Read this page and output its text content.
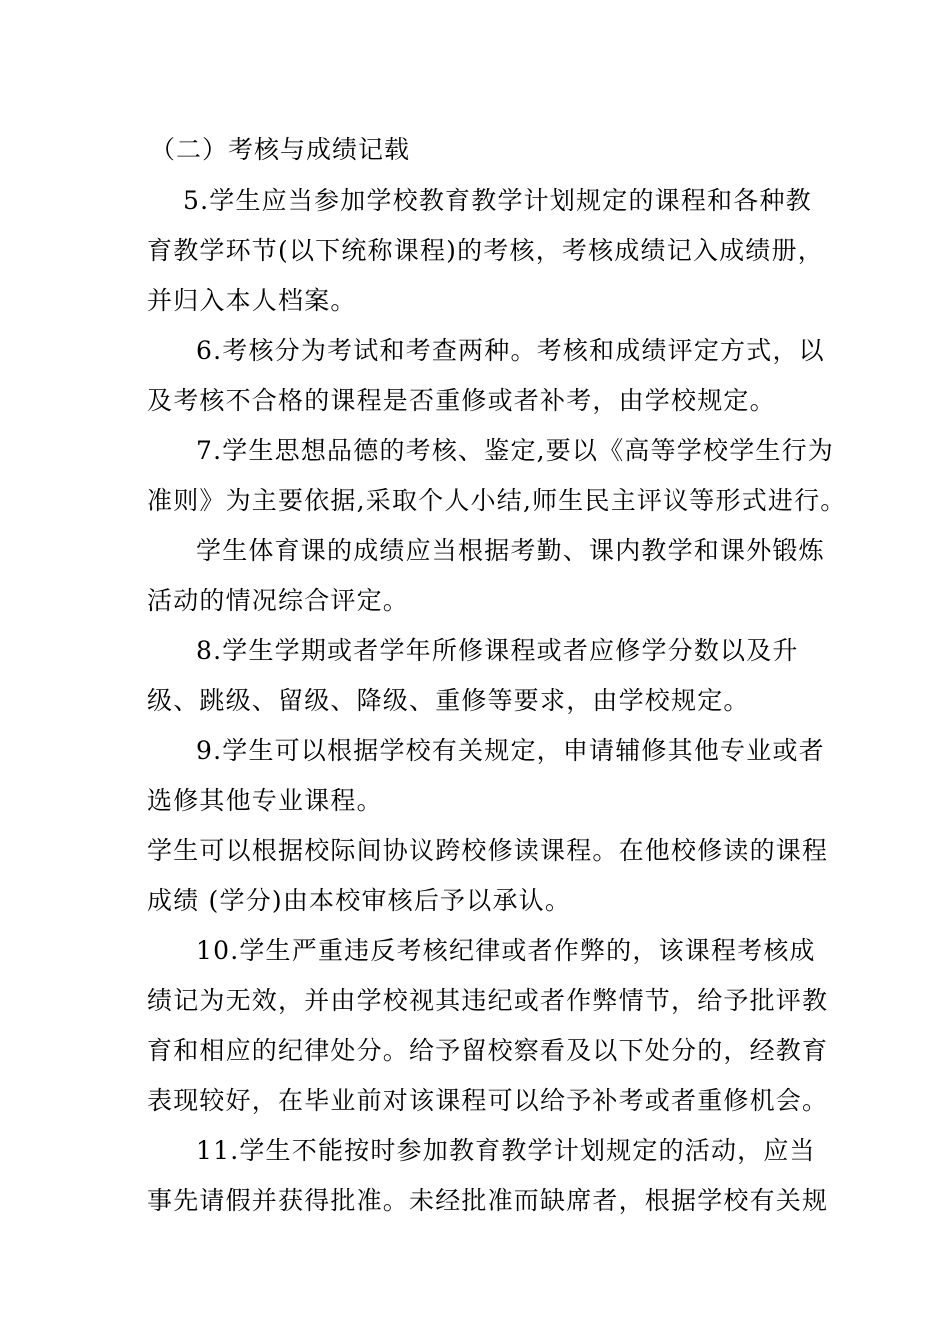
（二）考核与成绩记载
5.学生应当参加学校教育教学计划规定的课程和各种教
育教学环节(以下统称课程)的考核，考核成绩记入成绩册，
并归入本人档案。
6.考核分为考试和考查两种。考核和成绩评定方式，以
及考核不合格的课程是否重修或者补考，由学校规定。
7.学生思想品德的考核、鉴定,要以《高等学校学生行为
准则》为主要依据,采取个人小结,师生民主评议等形式进行。
学生体育课的成绩应当根据考勤、课内教学和课外锻炼
活动的情况综合评定。
8.学生学期或者学年所修课程或者应修学分数以及升
级、跳级、留级、降级、重修等要求，由学校规定。
9.学生可以根据学校有关规定，申请辅修其他专业或者
选修其他专业课程。
学生可以根据校际间协议跨校修读课程。在他校修读的课程
成绩 (学分)由本校审核后予以承认。
10.学生严重违反考核纪律或者作弊的，该课程考核成
绩记为无效，并由学校视其违纪或者作弊情节，给予批评教
育和相应的纪律处分。给予留校察看及以下处分的，经教育
表现较好，在毕业前对该课程可以给予补考或者重修机会。
11.学生不能按时参加教育教学计划规定的活动，应当
事先请假并获得批准。未经批准而缺席者，根据学校有关规
